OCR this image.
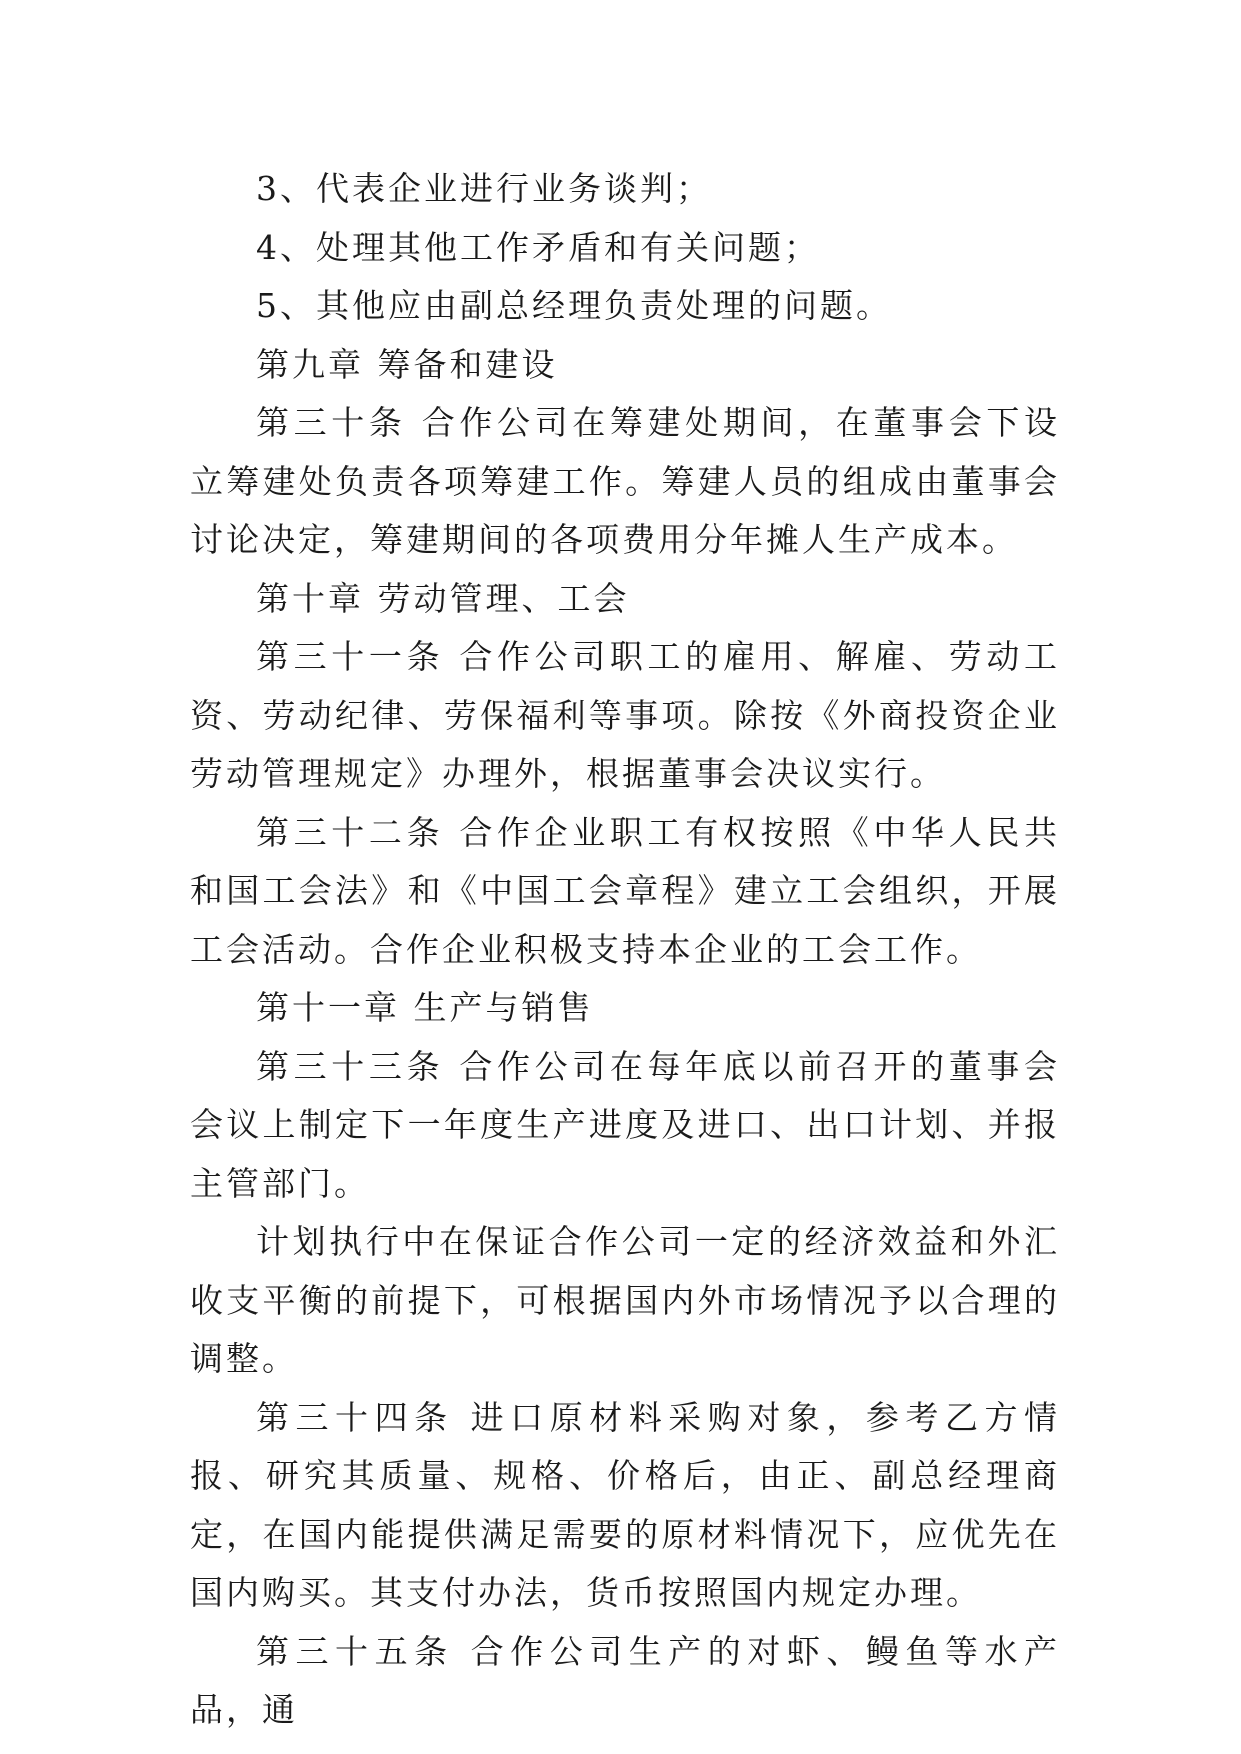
3、代表企业进行业务谈判；

4、处理其他工作矛盾和有关问题；

5、其他应由副总经理负责处理的问题。

第九章 筹备和建设

第三十条 合作公司在筹建处期间，在董事会下设立筹建处负责各项筹建工作。筹建人员的组成由董事会讨论决定，筹建期间的各项费用分年摊人生产成本。

第十章 劳动管理、工会

第三十一条 合作公司职工的雇用、解雇、劳动工资、劳动纪律、劳保福利等事项。除按《外商投资企业劳动管理规定》办理外，根据董事会决议实行。

第三十二条 合作企业职工有权按照《中华人民共和国工会法》和《中国工会章程》建立工会组织，开展工会活动。合作企业积极支持本企业的工会工作。

第十一章 生产与销售

第三十三条 合作公司在每年底以前召开的董事会会议上制定下一年度生产进度及进口、出口计划、并报主管部门。

计划执行中在保证合作公司一定的经济效益和外汇收支平衡的前提下，可根据国内外市场情况予以合理的调整。

第三十四条 进口原材料采购对象，参考乙方情报、研究其质量、规格、价格后，由正、副总经理商定，在国内能提供满足需要的原材料情况下，应优先在国内购买。其支付办法，货币按照国内规定办理。

第三十五条 合作公司生产的对虾、鳗鱼等水产品，通
